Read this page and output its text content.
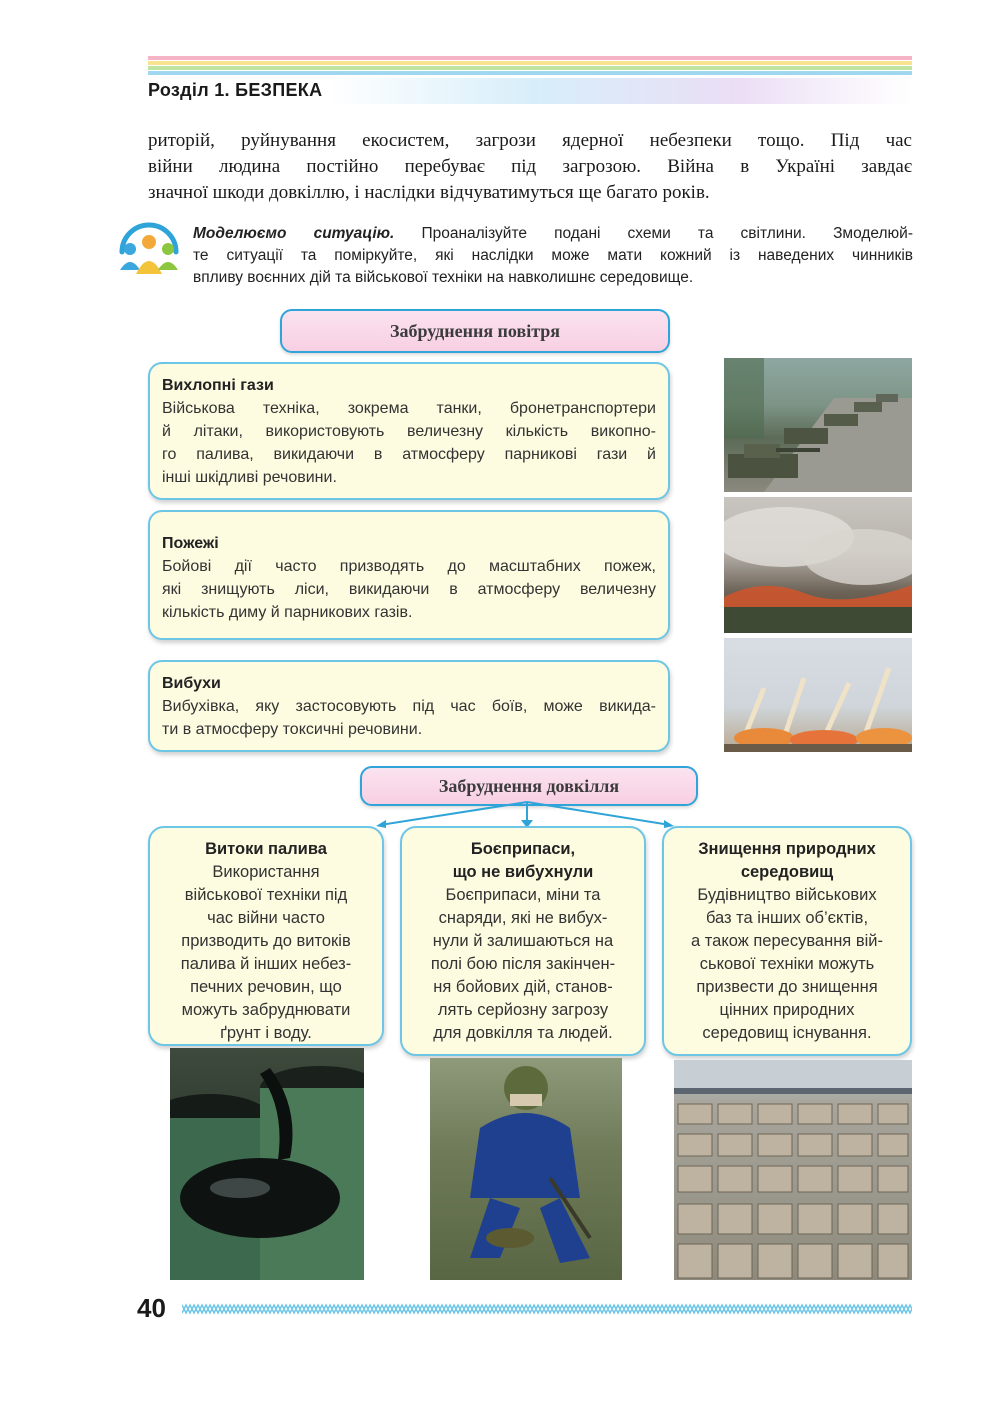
Розділ 1. БЕЗПЕКА
риторій, руйнування екосистем, загрози ядерної небезпеки тощо. Під час
війни людина постійно перебуває під загрозою. Війна в Україні завдає
значної шкоди довкіллю, і наслідки відчуватимуться ще багато років.
Моделюємо ситуацію. Проаналізуйте подані схеми та світлини. Змоделюй-
те ситуації та поміркуйте, які наслідки може мати кожний із наведених чинників
впливу воєнних дій та військової техніки на навколишнє середовище.
Забруднення повітря
Вихлопні гази
Військова техніка, зокрема танки, бронетранспортери
й літаки, використовують величезну кількість викопно-
го палива, викидаючи в атмосферу парникові гази й
інші шкідливі речовини.
Пожежі
Бойові дії часто призводять до масштабних пожеж,
які знищують ліси, викидаючи в атмосферу величезну
кількість диму й парникових газів.
Вибухи
Вибухівка, яку застосовують під час боїв, може викида-
ти в атмосферу токсичні речовини.
Забруднення довкілля
Витоки палива
Використання
військової техніки під
час війни часто
призводить до витоків
палива й інших небез-
печних речовин, що
можуть забруднювати
ґрунт і воду.
Боєприпаси,
що не вибухнули
Боєприпаси, міни та
снаряди, які не вибух-
нули й залишаються на
полі бою після закінчен-
ня бойових дій, станов-
лять серйозну загрозу
для довкілля та людей.
Знищення природних
середовищ
Будівництво військових
баз та інших об’єктів,
а також пересування вій-
ськової техніки можуть
призвести до знищення
цінних природних
середовищ існування.
40
